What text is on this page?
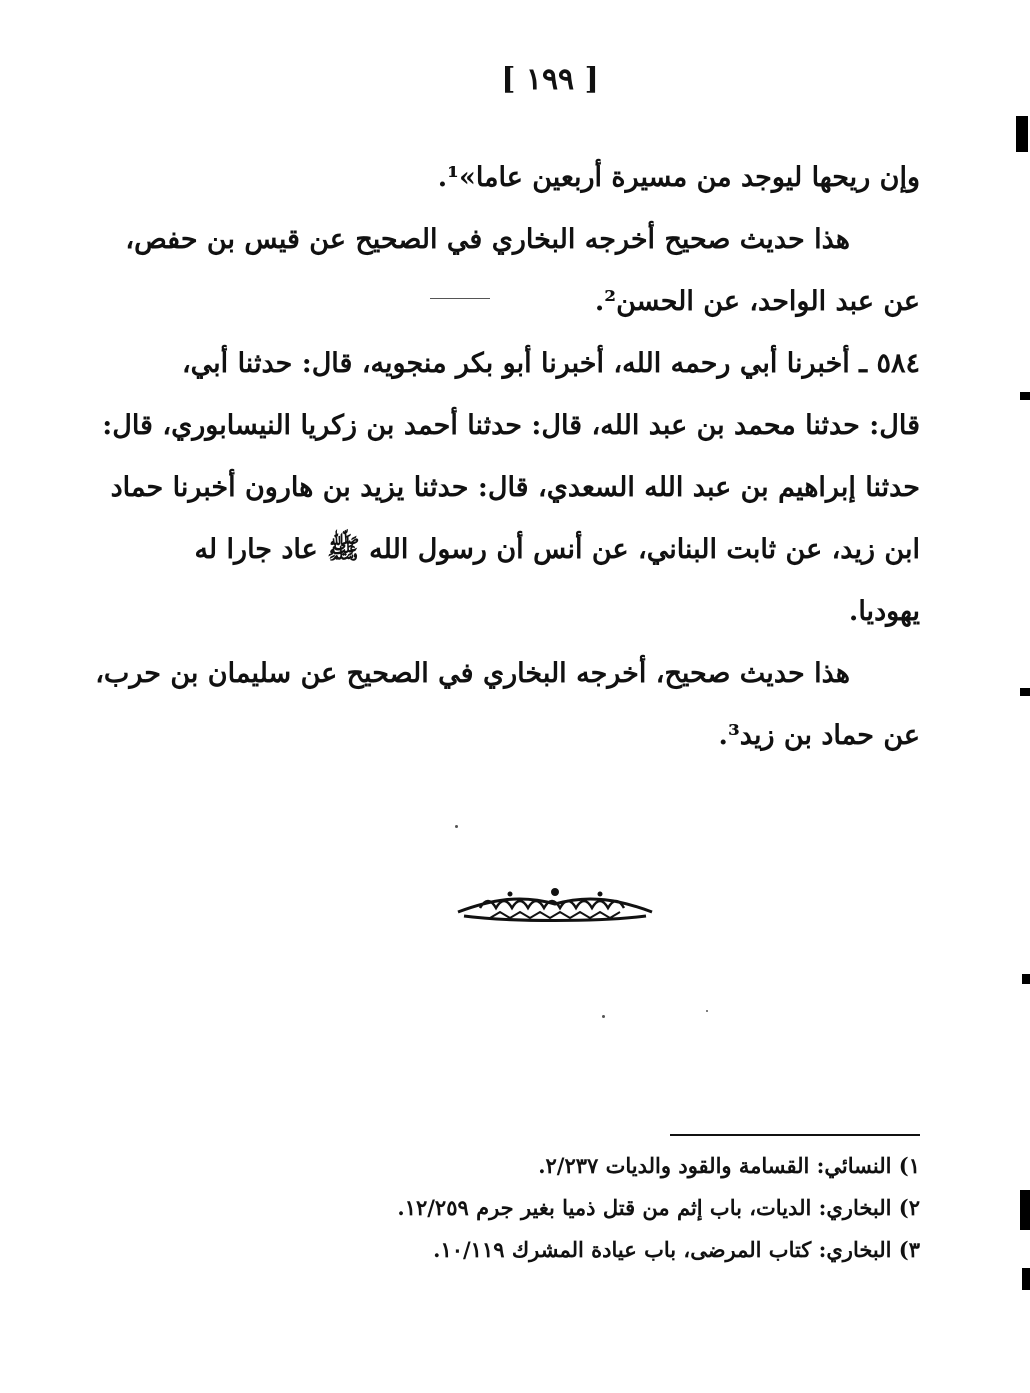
[ ١٩٩ ]

وإن ريحها ليوجد من مسيرة أربعين عاما»¹.

هذا حديث صحيح أخرجه البخاري في الصحيح عن قيس بن حفص،

عن عبد الواحد، عن الحسن².

٥٨٤ ـ أخبرنا أبي رحمه الله، أخبرنا أبو بكر منجويه، قال: حدثنا أبي،

قال: حدثنا محمد بن عبد الله، قال: حدثنا أحمد بن زكريا النيسابوري، قال:

حدثنا إبراهيم بن عبد الله السعدي، قال: حدثنا يزيد بن هارون أخبرنا حماد

ابن زيد، عن ثابت البناني، عن أنس أن رسول الله ﷺ عاد جارا له

يهوديا.

هذا حديث صحيح، أخرجه البخاري في الصحيح عن سليمان بن حرب،

عن حماد بن زيد³.

١) النسائي: القسامة والقود والديات ٢/٢٣٧.

٢) البخاري: الديات، باب إثم من قتل ذميا بغير جرم ١٢/٢٥٩.

٣) البخاري: كتاب المرضى، باب عيادة المشرك ١٠/١١٩.
